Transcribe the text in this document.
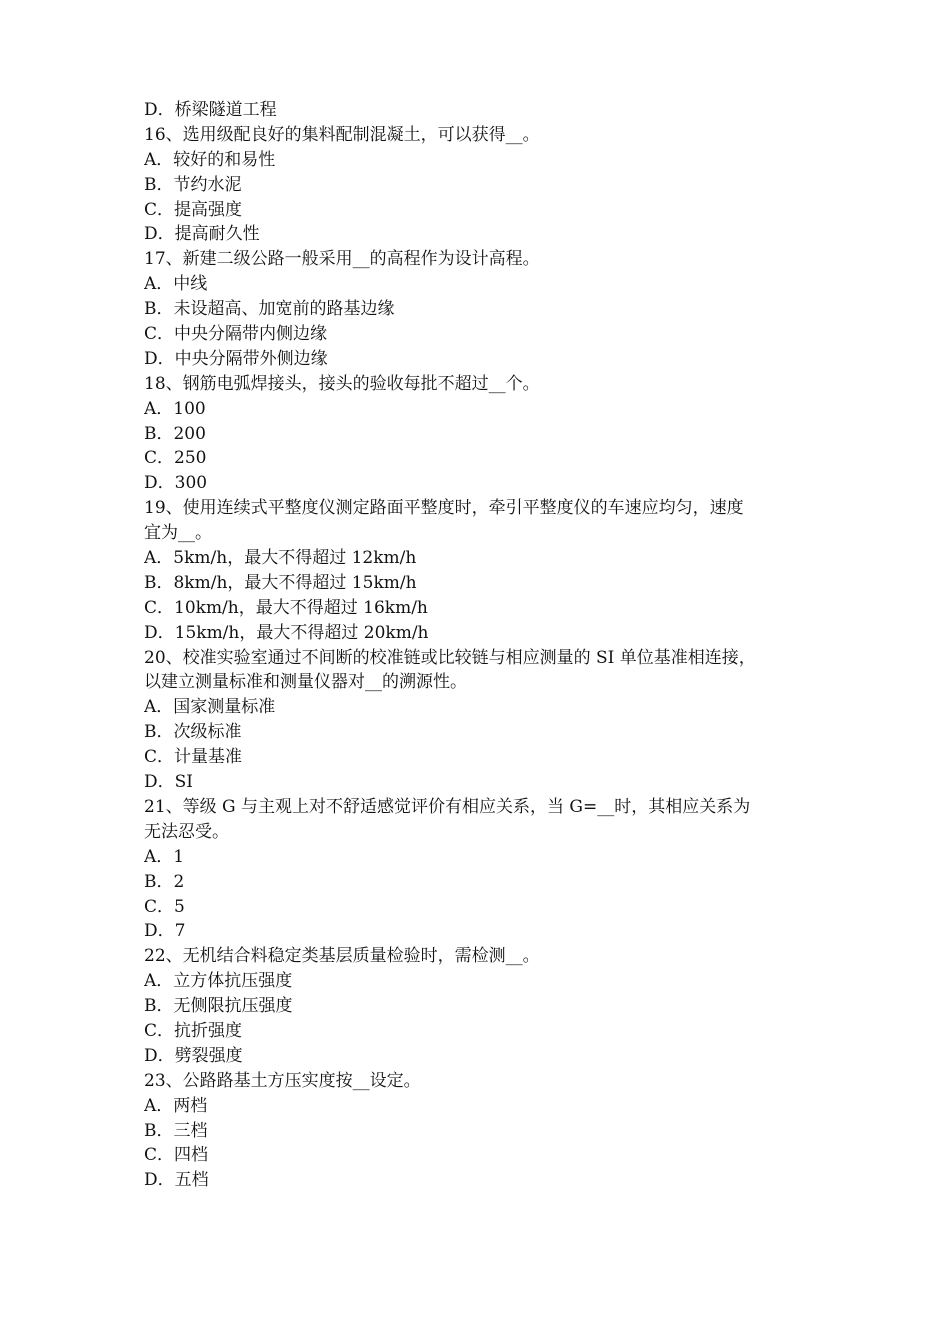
D．桥梁隧道工程
16、选用级配良好的集料配制混凝土，可以获得__。
A．较好的和易性
B．节约水泥
C．提高强度
D．提高耐久性
17、新建二级公路一般采用__的高程作为设计高程。
A．中线
B．未设超高、加宽前的路基边缘
C．中央分隔带内侧边缘
D．中央分隔带外侧边缘
18、钢筋电弧焊接头，接头的验收每批不超过__个。
A．100
B．200
C．250
D．300
19、使用连续式平整度仪测定路面平整度时，牵引平整度仪的车速应均匀，速度
宜为__。
A．5km/h，最大不得超过 12km/h
B．8km/h，最大不得超过 15km/h
C．10km/h，最大不得超过 16km/h
D．15km/h，最大不得超过 20km/h
20、校准实验室通过不间断的校准链或比较链与相应测量的 SI 单位基准相连接，
以建立测量标准和测量仪器对__的溯源性。
A．国家测量标准
B．次级标准
C．计量基准
D．SI
21、等级 G 与主观上对不舒适感觉评价有相应关系，当 G=__时，其相应关系为
无法忍受。
A．1
B．2
C．5
D．7
22、无机结合料稳定类基层质量检验时，需检测__。
A．立方体抗压强度
B．无侧限抗压强度
C．抗折强度
D．劈裂强度
23、公路路基土方压实度按__设定。
A．两档
B．三档
C．四档
D．五档
